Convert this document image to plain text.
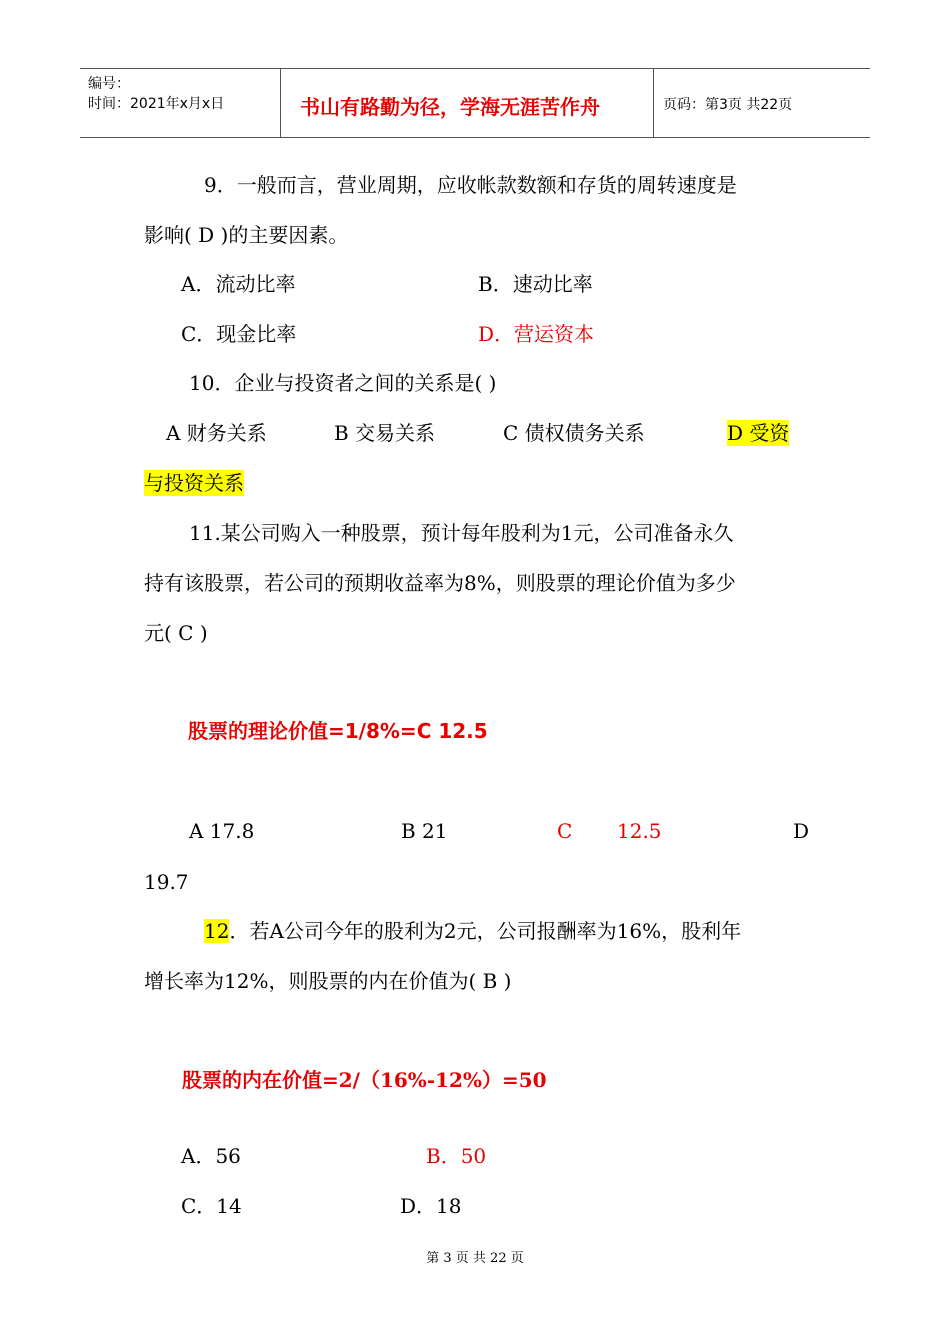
编号：
时间：2021年x月x日	书山有路勤为径，学海无涯苦作舟	页码：第3页 共22页
9．一般而言，营业周期，应收帐款数额和存货的周转速度是
影响( D )的主要因素。
A．流动比率	B．速动比率
C．现金比率	D．营运资本
10．企业与投资者之间的关系是( )
A 财务关系	B 交易关系	C 债权债务关系	D 受资
与投资关系
11.某公司购入一种股票，预计每年股利为1元，公司准备永久
持有该股票，若公司的预期收益率为8%，则股票的理论价值为多少
元( C )
股票的理论价值=1/8%=C 12.5
A 17.8	B 21	C 12.5	D
19.7
12．若A公司今年的股利为2元，公司报酬率为16%，股利年
增长率为12%，则股票的内在价值为( B )
股票的内在价值=2/（16%-12%）=50
A．56	B．50
C．14	D．18
第 3 页 共 22 页
